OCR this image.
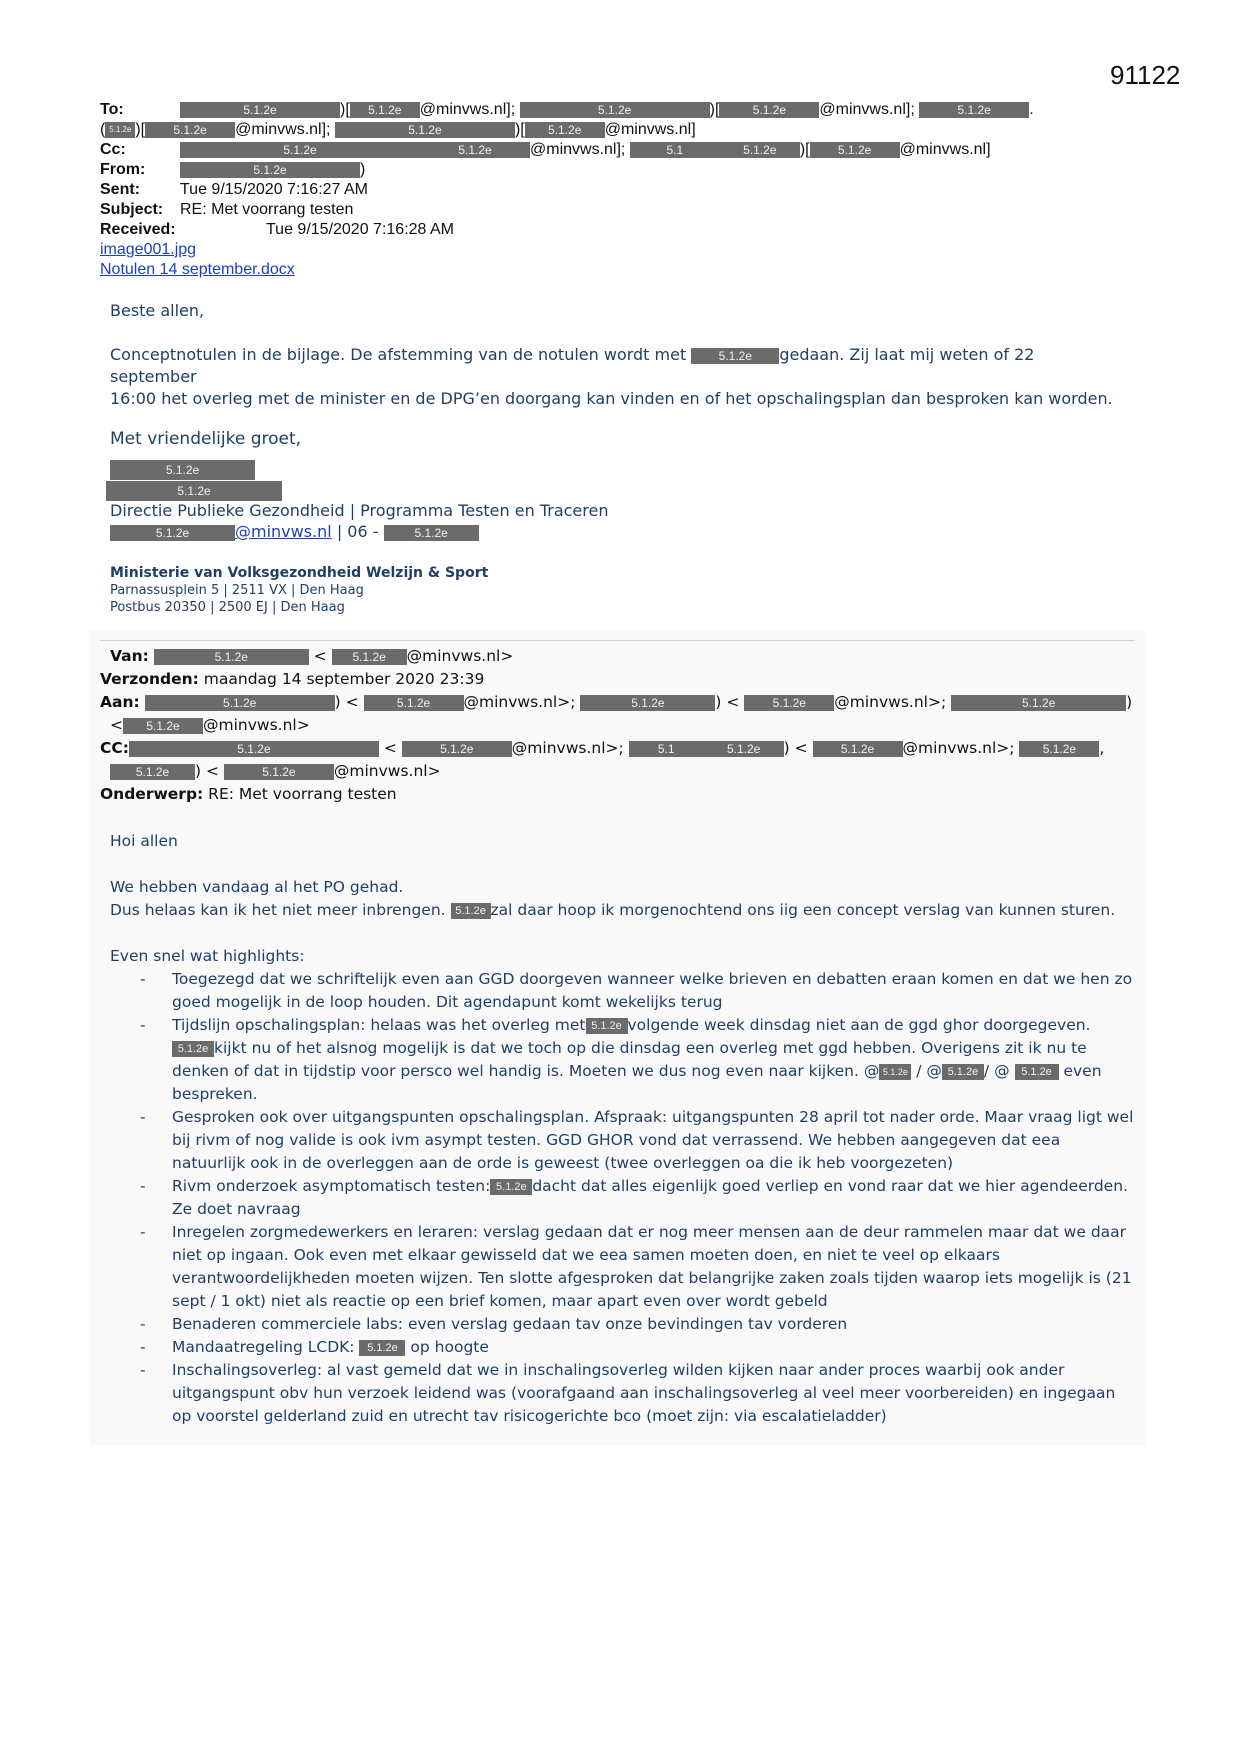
91122
To:	5.1.2e	)[ 5.1.2e @minvws.nl];	5.1.2e	)[	5.1.2e @minvws.nl];	5.1.2e .
( 5.1.2e )[ 5.1.2e @minvws.nl];	5.1.2e	)[ 5.1.2e @minvws.nl]
Cc:	5.1.2e	5.1.2e @minvws.nl];	5.1	5.1.2e )[ 5.1.2e @minvws.nl]
From:	5.1.2e	)
Sent:	Tue 9/15/2020 7:16:27 AM
Subject: RE: Met voorrang testen
Received:	Tue 9/15/2020 7:16:28 AM
image001.jpg
Notulen 14 september.docx

Beste allen,

Conceptnotulen in de bijlage. De afstemming van de notulen wordt met	5.1.2e gedaan. Zij laat mij weten of 22 september
16:00 het overleg met de minister en de DPG’en doorgang kan vinden en of het opschalingsplan dan besproken kan worden.

Met vriendelijke groet,

5.1.2e
5.1.2e
Directie Publieke Gezondheid | Programma Testen en Traceren
5.1.2e	@minvws.nl | 06 -	5.1.2e
Ministerie van Volksgezondheid Welzijn & Sport
Parnassusplein 5 | 2511 VX | Den Haag
Postbus 20350 | 2500 EJ | Den Haag
Van:	5.1.2e	< 5.1.2e @minvws.nl>
Verzonden: maandag 14 september 2020 23:39
Aan:	5.1.2e	) <	5.1.2e @minvws.nl>;	5.1.2e	) < 5.1.2e @minvws.nl>;	5.1.2e	)
< 5.1.2e @minvws.nl>
CC:	5.1.2e	<	5.1.2e @minvws.nl>;	5.1	5.1.2e ) < 5.1.2e @minvws.nl>; 5.1.2e ,
5.1.2e ) <	5.1.2e @minvws.nl>
Onderwerp: RE: Met voorrang testen

Hoi allen

We hebben vandaag al het PO gehad.

Dus helaas kan ik het niet meer inbrengen. 5.1.2e zal daar hoop ik morgenochtend ons iig een concept verslag van kunnen sturen.

Even snel wat highlights:

- Toegezegd dat we schriftelijk even aan GGD doorgeven wanneer welke brieven en debatten eraan komen en dat we hen zo goed mogelijk in de loop houden. Dit agendapunt komt wekelijks terug
- Tijdslijn opschalingsplan: helaas was het overleg met 5.1.2e volgende week dinsdag niet aan de ggd ghor doorgegeven.
5.1.2e kijkt nu of het alsnog mogelijk is dat we toch op die dinsdag een overleg met ggd hebben. Overigens zit ik nu te denken of dat in tijdstip voor persco wel handig is. Moeten we dus nog even naar kijken. @ 5.1.2e / @ 5.1.2e / @ 5.1.2e even bespreken.
- Gesproken ook over uitgangspunten opschalingsplan. Afspraak: uitgangspunten 28 april tot nader orde. Maar vraag ligt wel bij rivm of nog valide is ook ivm asympt testen. GGD GHOR vond dat verrassend. We hebben aangegeven dat eea natuurlijk ook in de overleggen aan de orde is geweest (twee overleggen oa die ik heb voorgezeten)
- Rivm onderzoek asymptomatisch testen: 5.1.2e dacht dat alles eigenlijk goed verliep en vond raar dat we hier agendeerden. Ze doet navraag
- Inregelen zorgmedewerkers en leraren: verslag gedaan dat er nog meer mensen aan de deur rammelen maar dat we daar niet op ingaan. Ook even met elkaar gewisseld dat we eea samen moeten doen, en niet te veel op elkaars verantwoordelijkheden moeten wijzen. Ten slotte afgesproken dat belangrijke zaken zoals tijden waarop iets mogelijk is (21 sept / 1 okt) niet als reactie op een brief komen, maar apart even over wordt gebeld
- Benaderen commerciele labs: even verslag gedaan tav onze bevindingen tav vorderen
- Mandaatregeling LCDK: 5.1.2e op hoogte
- Inschalingsoverleg: al vast gemeld dat we in inschalingsoverleg wilden kijken naar ander proces waarbij ook ander uitgangspunt obv hun verzoek leidend was (voorafgaand aan inschalingsoverleg al veel meer voorbereiden) en ingegaan op voorstel gelderland zuid en utrecht tav risicogerichte bco (moet zijn: via escalatieladder)
